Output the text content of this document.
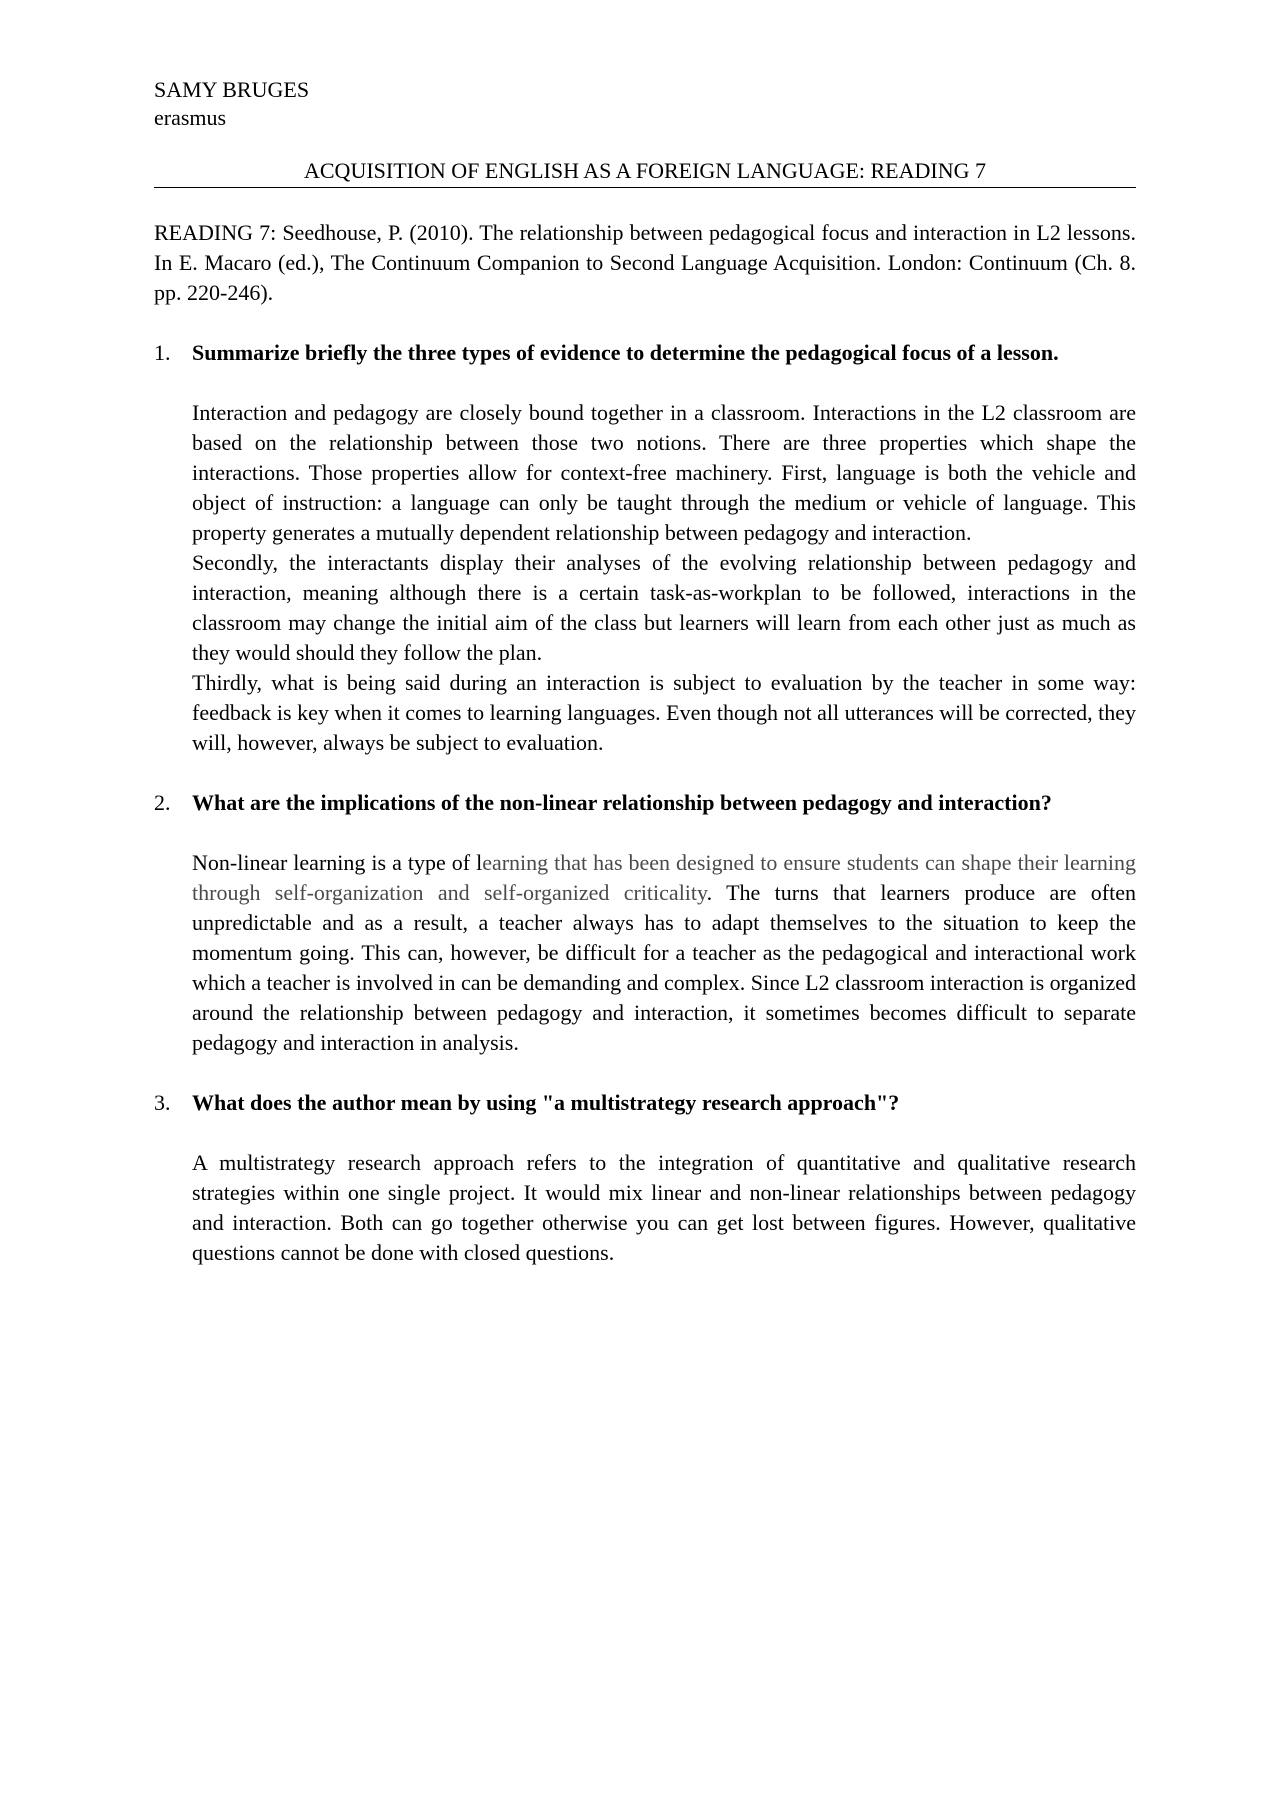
SAMY BRUGES
erasmus
ACQUISITION OF ENGLISH AS A FOREIGN LANGUAGE: READING 7
READING 7: Seedhouse, P. (2010). The relationship between pedagogical focus and interaction in L2 lessons. In E. Macaro (ed.), The Continuum Companion to Second Language Acquisition. London: Continuum (Ch. 8. pp. 220-246).
1. Summarize briefly the three types of evidence to determine the pedagogical focus of a lesson.

Interaction and pedagogy are closely bound together in a classroom. Interactions in the L2 classroom are based on the relationship between those two notions. There are three properties which shape the interactions. Those properties allow for context-free machinery. First, language is both the vehicle and object of instruction: a language can only be taught through the medium or vehicle of language. This property generates a mutually dependent relationship between pedagogy and interaction.

Secondly, the interactants display their analyses of the evolving relationship between pedagogy and interaction, meaning although there is a certain task-as-workplan to be followed, interactions in the classroom may change the initial aim of the class but learners will learn from each other just as much as they would should they follow the plan.

Thirdly, what is being said during an interaction is subject to evaluation by the teacher in some way: feedback is key when it comes to learning languages. Even though not all utterances will be corrected, they will, however, always be subject to evaluation.

2. What are the implications of the non-linear relationship between pedagogy and interaction?

Non-linear learning is a type of learning that has been designed to ensure students can shape their learning through self-organization and self-organized criticality. The turns that learners produce are often unpredictable and as a result, a teacher always has to adapt themselves to the situation to keep the momentum going. This can, however, be difficult for a teacher as the pedagogical and interactional work which a teacher is involved in can be demanding and complex. Since L2 classroom interaction is organized around the relationship between pedagogy and interaction, it sometimes becomes difficult to separate pedagogy and interaction in analysis.

3. What does the author mean by using "a multistrategy research approach"?

A multistrategy research approach refers to the integration of quantitative and qualitative research strategies within one single project. It would mix linear and non-linear relationships between pedagogy and interaction. Both can go together otherwise you can get lost between figures. However, qualitative questions cannot be done with closed questions.
